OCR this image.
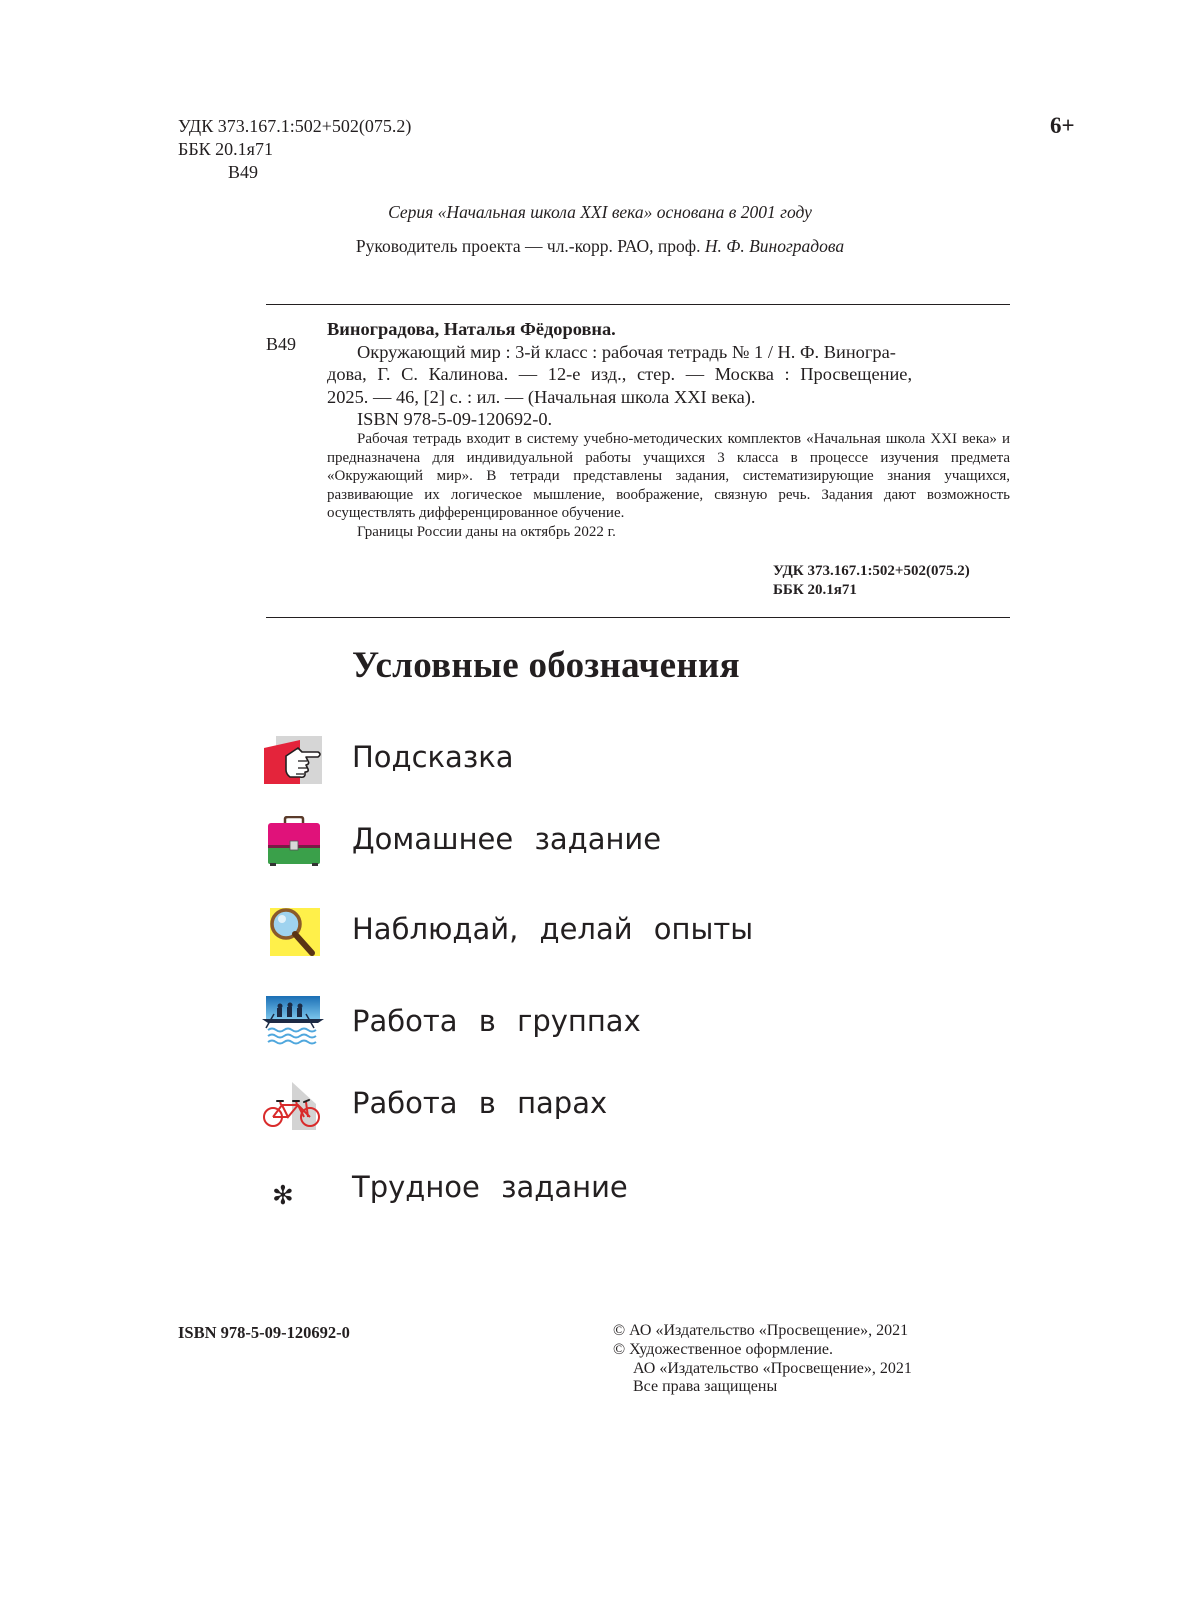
УДК 373.167.1:502+502(075.2)
ББК 20.1я71
В49
6+
Серия «Начальная школа XXI века» основана в 2001 году
Руководитель проекта — чл.-корр. РАО, проф. Н. Ф. Виноградова
В49
Виноградова, Наталья Фёдоровна.
Окружающий мир : 3-й класс : рабочая тетрадь № 1 / Н. Ф. Виногра-
дова, Г. С. Калинова. — 12-е изд., стер. — Москва : Просвещение,
2025. — 46, [2] с. : ил. — (Начальная школа XXI века).
ISBN 978-5-09-120692-0.
Рабочая тетрадь входит в систему учебно-методических комплектов «Начальная школа XXI века» и предназначена для индивидуальной работы учащихся 3 класса в процессе изучения предмета «Окружающий мир». В тетради представлены задания, систематизирующие знания учащихся, развивающие их логическое мышление, воображение, связную речь. Задания дают возможность осуществлять дифференцированное обучение.
Границы России даны на октябрь 2022 г.
УДК 373.167.1:502+502(075.2)
ББК 20.1я71
Условные обозначения
Подсказка
Домашнее задание
Наблюдай, делай опыты
Работа в группах
Работа в парах
✻	Трудное задание
ISBN 978-5-09-120692-0	© АО «Издательство «Просвещение», 2021
© Художественное оформление.
АО «Издательство «Просвещение», 2021
Все права защищены
